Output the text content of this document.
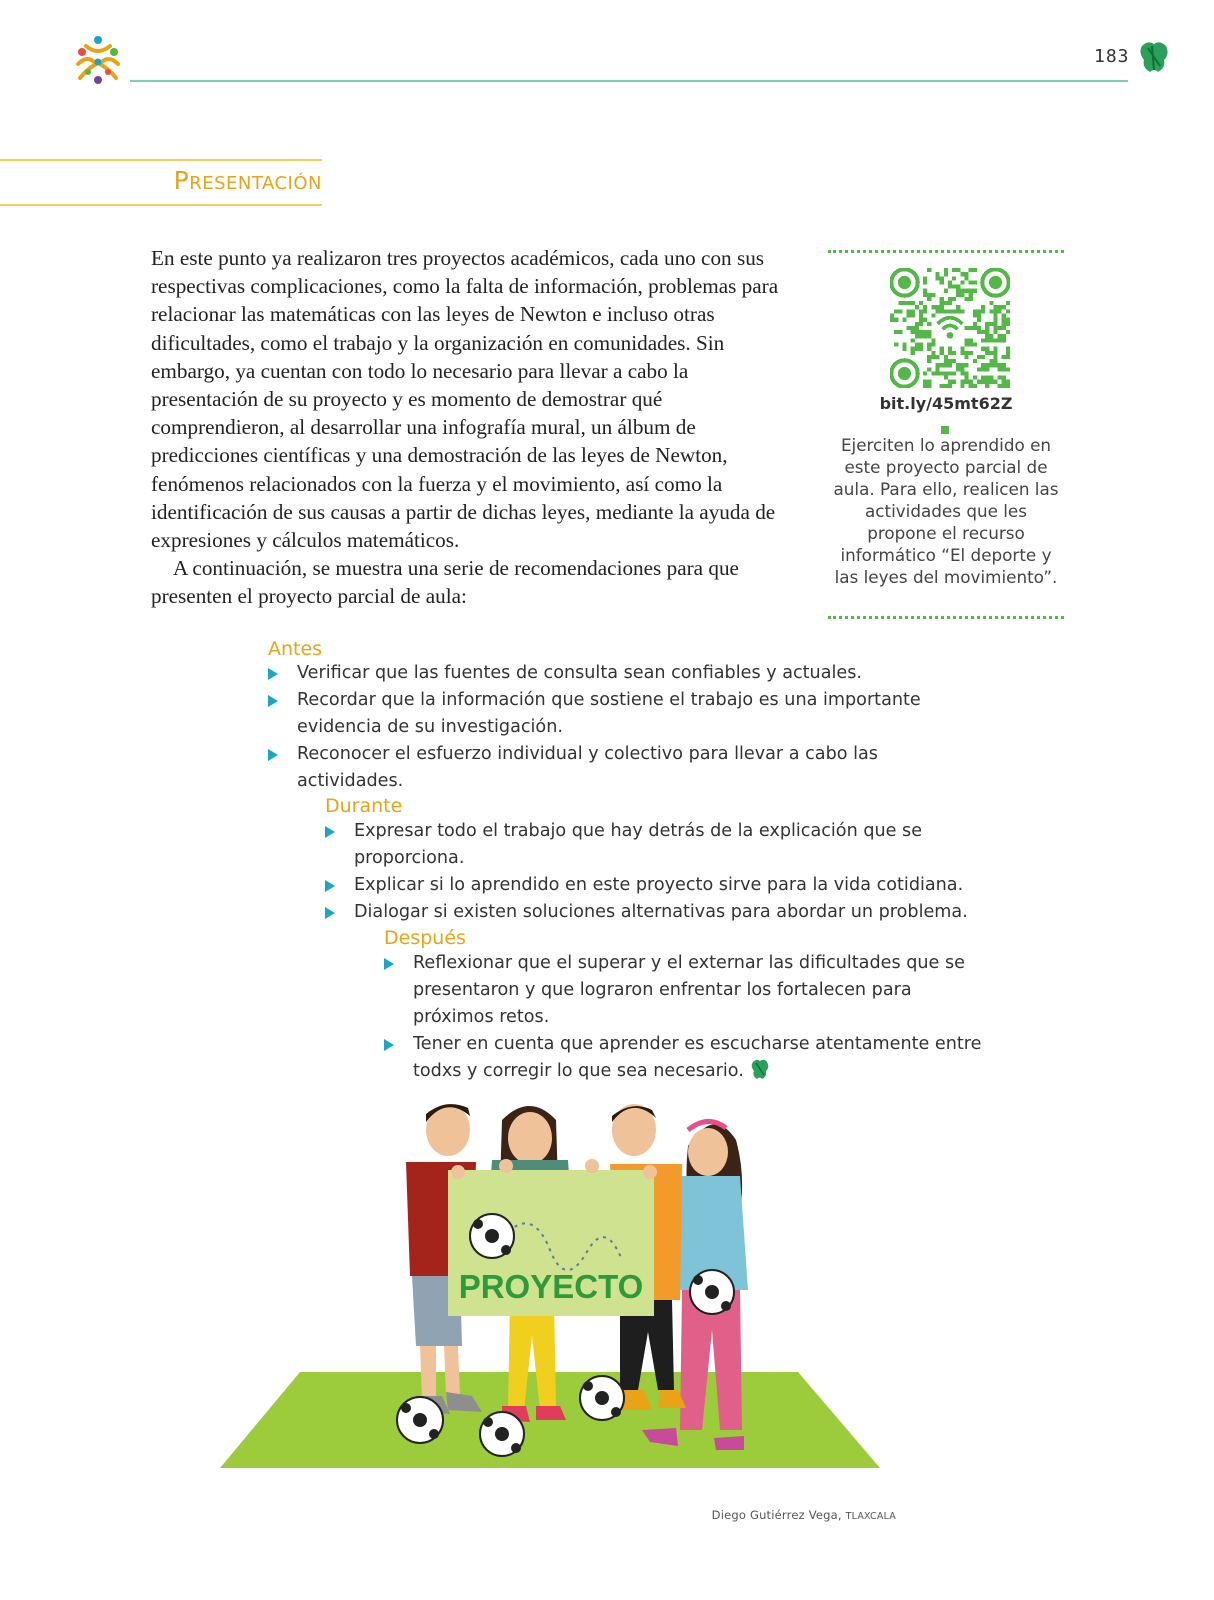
183
Presentación

En este punto ya realizaron tres proyectos académicos, cada uno con sus respectivas complicaciones, como la falta de información, problemas para relacionar las matemáticas con las leyes de Newton e incluso otras dificultades, como el trabajo y la organización en comunidades. Sin embargo, ya cuentan con todo lo necesario para llevar a cabo la presentación de su proyecto y es momento de demostrar qué comprendieron, al desarrollar una infografía mural, un álbum de predicciones científicas y una demostración de las leyes de Newton, fenómenos relacionados con la fuerza y el movimiento, así como la identificación de sus causas a partir de dichas leyes, mediante la ayuda de expresiones y cálculos matemáticos.

A continuación, se muestra una serie de recomendaciones para que presenten el proyecto parcial de aula:

bit.ly/45mt62Z
Ejerciten lo aprendido en este proyecto parcial de aula. Para ello, realicen las actividades que les propone el recurso informático “El deporte y las leyes del movimiento”.
Antes
Verificar que las fuentes de consulta sean confiables y actuales.
Recordar que la información que sostiene el trabajo es una importante evidencia de su investigación.
Reconocer el esfuerzo individual y colectivo para llevar a cabo las actividades.
Durante
Expresar todo el trabajo que hay detrás de la explicación que se proporciona.
Explicar si lo aprendido en este proyecto sirve para la vida cotidiana.
Dialogar si existen soluciones alternativas para abordar un problema.
Después
Reflexionar que el superar y el externar las dificultades que se presentaron y que lograron enfrentar los fortalecen para próximos retos.
Tener en cuenta que aprender es escucharse atentamente entre todxs y corregir lo que sea necesario.
PROYECTO
Diego Gutiérrez Vega, TLAXCALA
